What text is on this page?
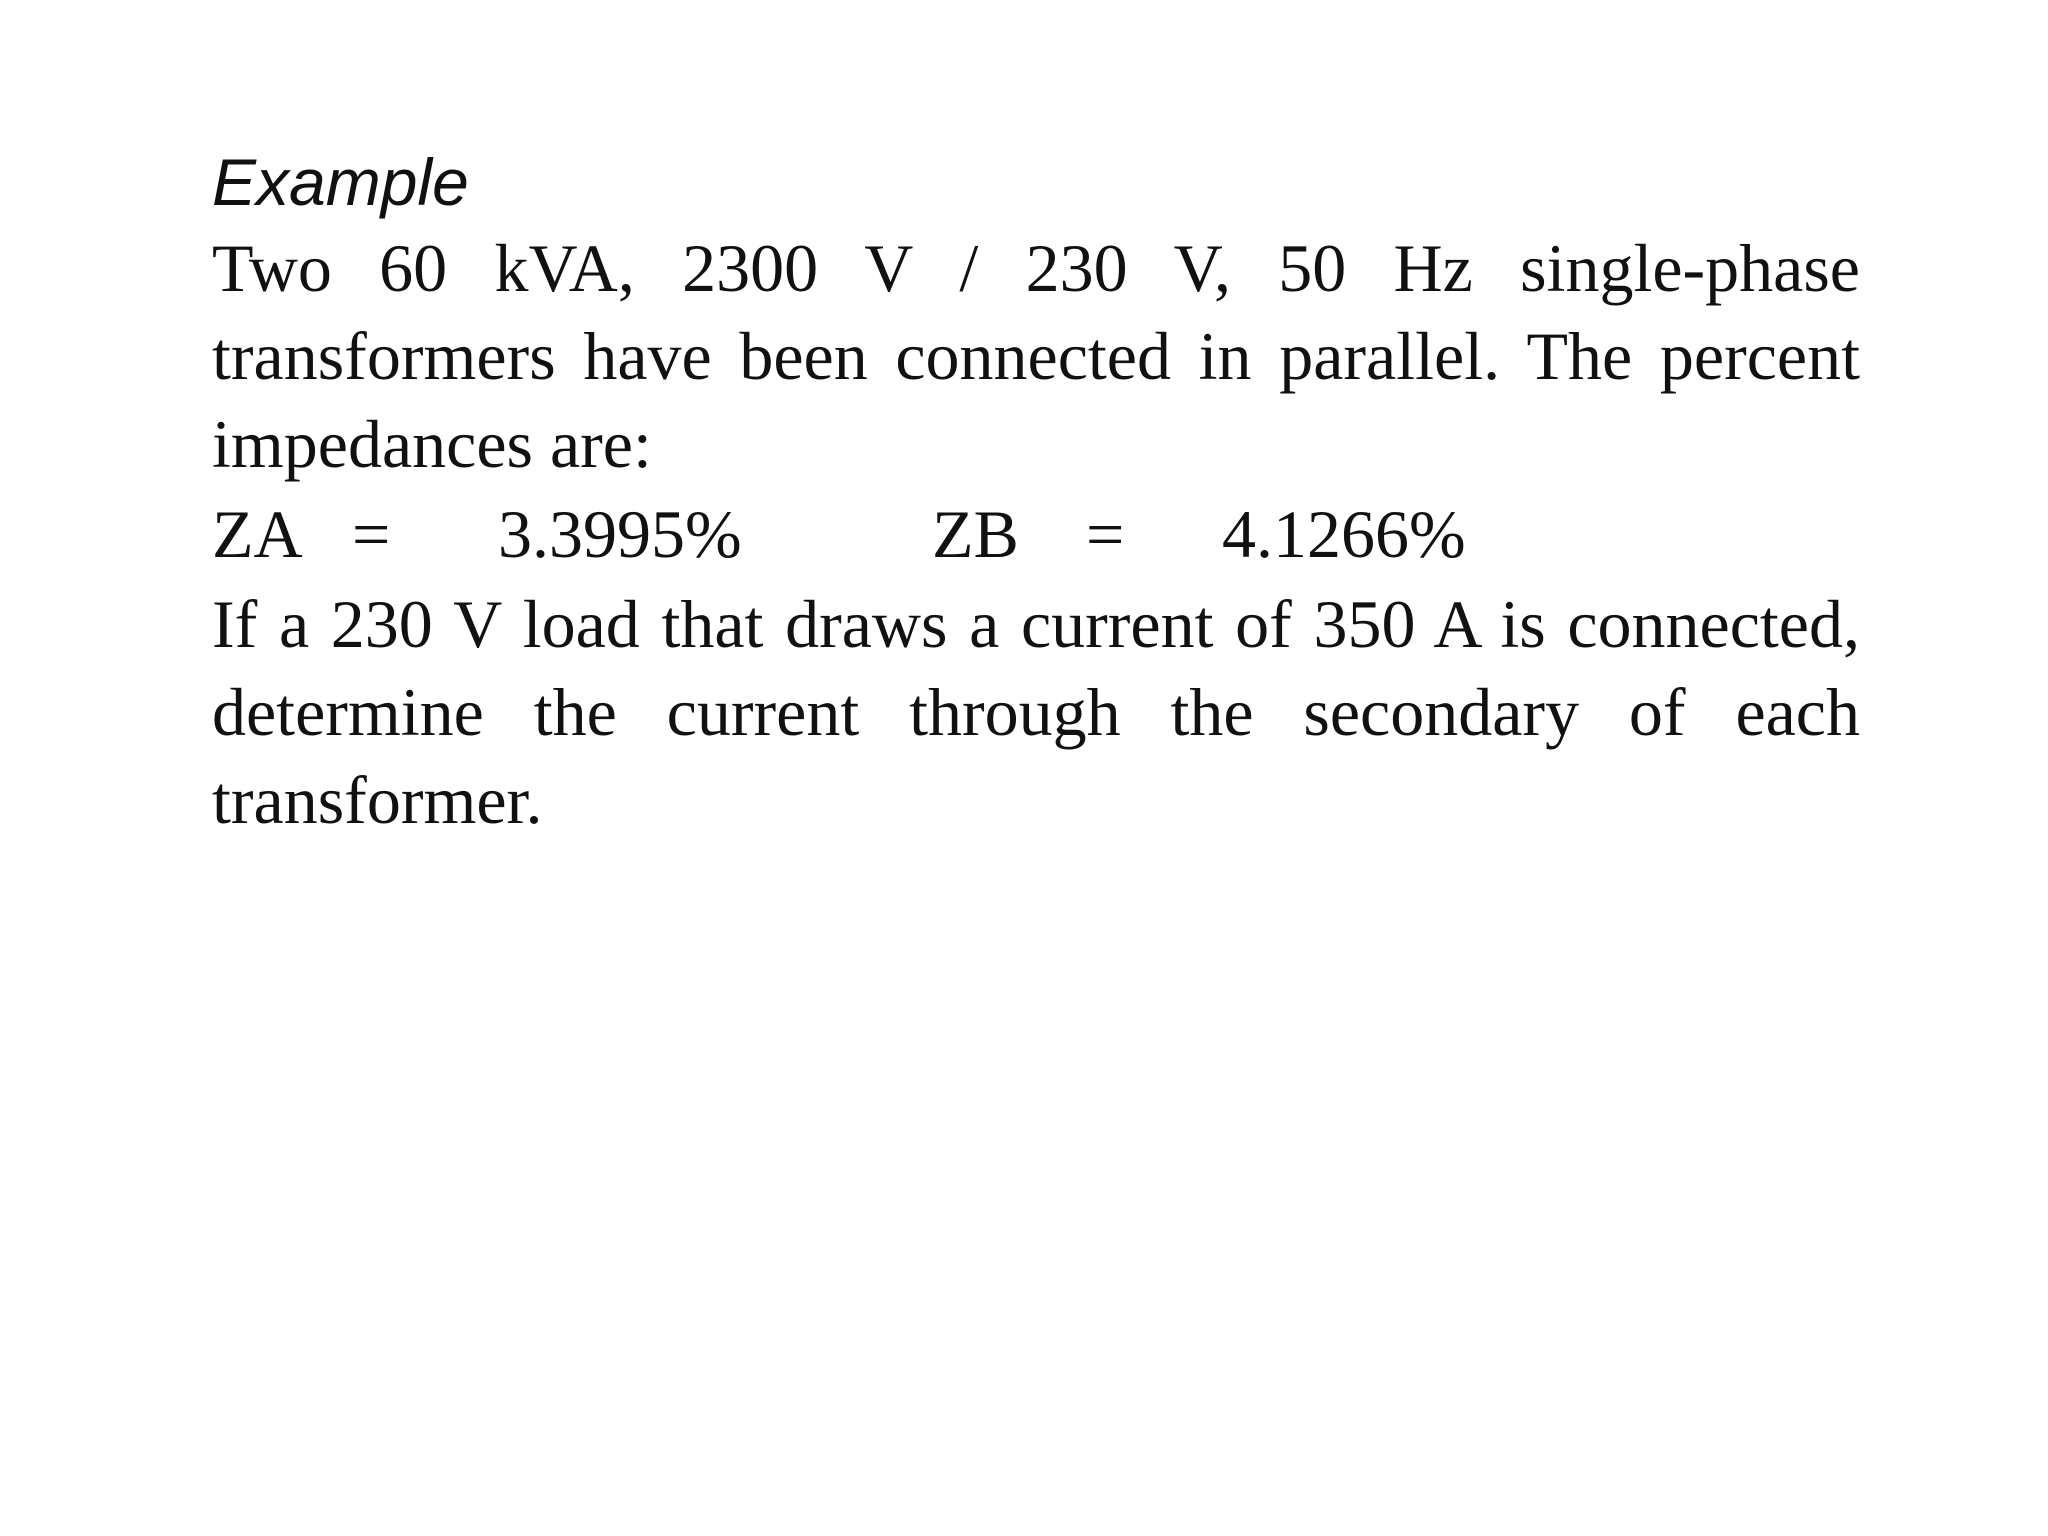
Example

Two 60 kVA, 2300 V / 230 V, 50 Hz single-phase transformers have been connected in parallel. The percent impedances are:

ZA = 3.3995%	ZB = 4.1266%

If a 230 V load that draws a current of 350 A is connected, determine the current through the secondary of each transformer.
